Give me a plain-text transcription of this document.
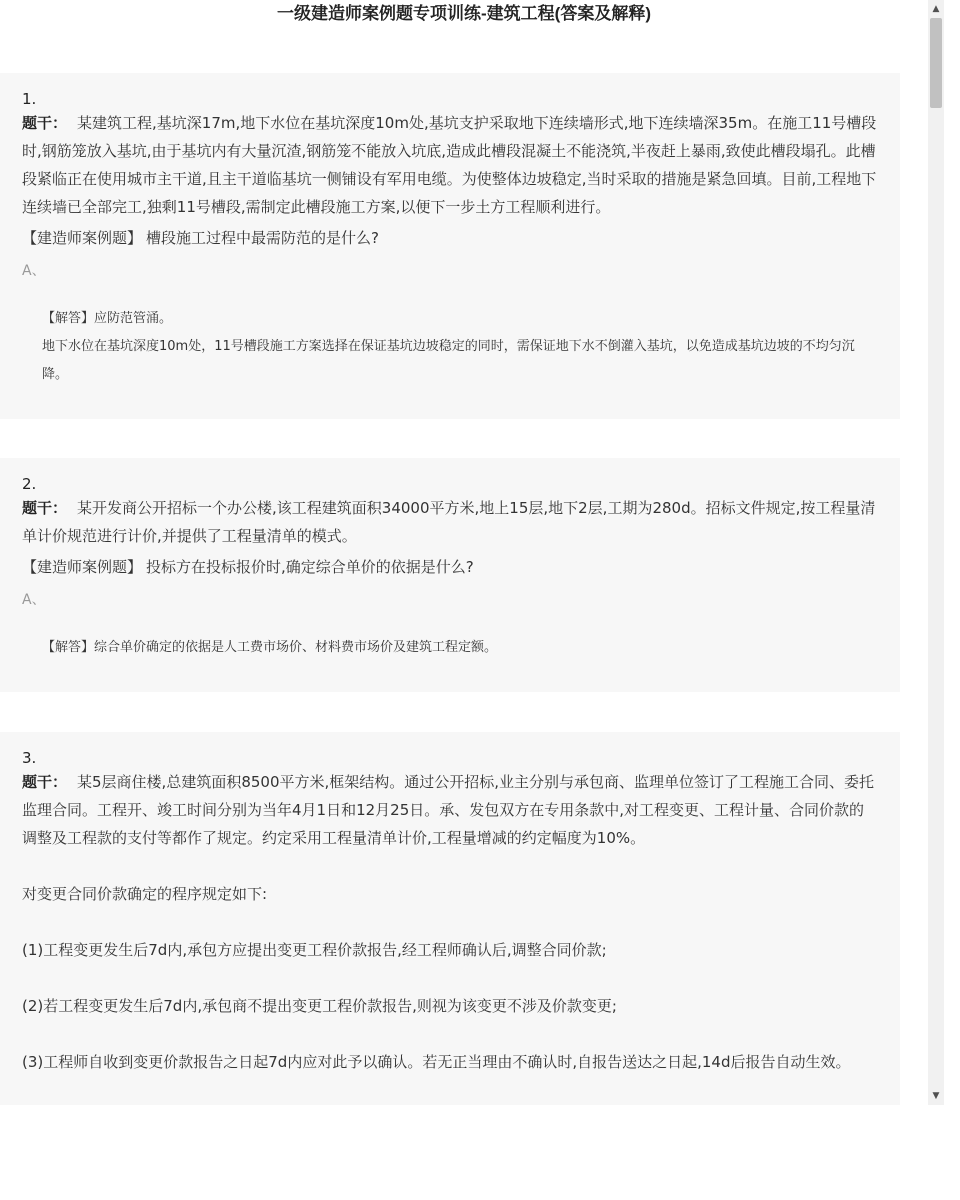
一级建造师案例题专项训练-建筑工程(答案及解释)
1.
题干： 某建筑工程,基坑深17m,地下水位在基坑深度10m处,基坑支护采取地下连续墙形式,地下连续墙深35m。在施工11号槽段时,钢筋笼放入基坑,由于基坑内有大量沉渣,钢筋笼不能放入坑底,造成此槽段混凝土不能浇筑,半夜赶上暴雨,致使此槽段塌孔。此槽段紧临正在使用城市主干道,且主干道临基坑一侧铺设有军用电缆。为使整体边坡稳定,当时采取的措施是紧急回填。目前,工程地下连续墙已全部完工,独剩11号槽段,需制定此槽段施工方案,以便下一步土方工程顺利进行。
【建造师案例题】 槽段施工过程中最需防范的是什么?
A、
【解答】应防范管涌。
地下水位在基坑深度10m处，11号槽段施工方案选择在保证基坑边坡稳定的同时，需保证地下水不倒灌入基坑，以免造成基坑边坡的不均匀沉降。
2.
题干： 某开发商公开招标一个办公楼,该工程建筑面积34000平方米,地上15层,地下2层,工期为280d。招标文件规定,按工程量清单计价规范进行计价,并提供了工程量清单的模式。
【建造师案例题】 投标方在投标报价时,确定综合单价的依据是什么?
A、
【解答】综合单价确定的依据是人工费市场价、材料费市场价及建筑工程定额。
3.
题干： 某5层商住楼,总建筑面积8500平方米,框架结构。通过公开招标,业主分别与承包商、监理单位签订了工程施工合同、委托监理合同。工程开、竣工时间分别为当年4月1日和12月25日。承、发包双方在专用条款中,对工程变更、工程计量、合同价款的调整及工程款的支付等都作了规定。约定采用工程量清单计价,工程量增减的约定幅度为10%。
对变更合同价款确定的程序规定如下:
(1)工程变更发生后7d内,承包方应提出变更工程价款报告,经工程师确认后,调整合同价款;
(2)若工程变更发生后7d内,承包商不提出变更工程价款报告,则视为该变更不涉及价款变更;
(3)工程师自收到变更价款报告之日起7d内应对此予以确认。若无正当理由不确认时,自报告送达之日起,14d后报告自动生效。
▲
▼
